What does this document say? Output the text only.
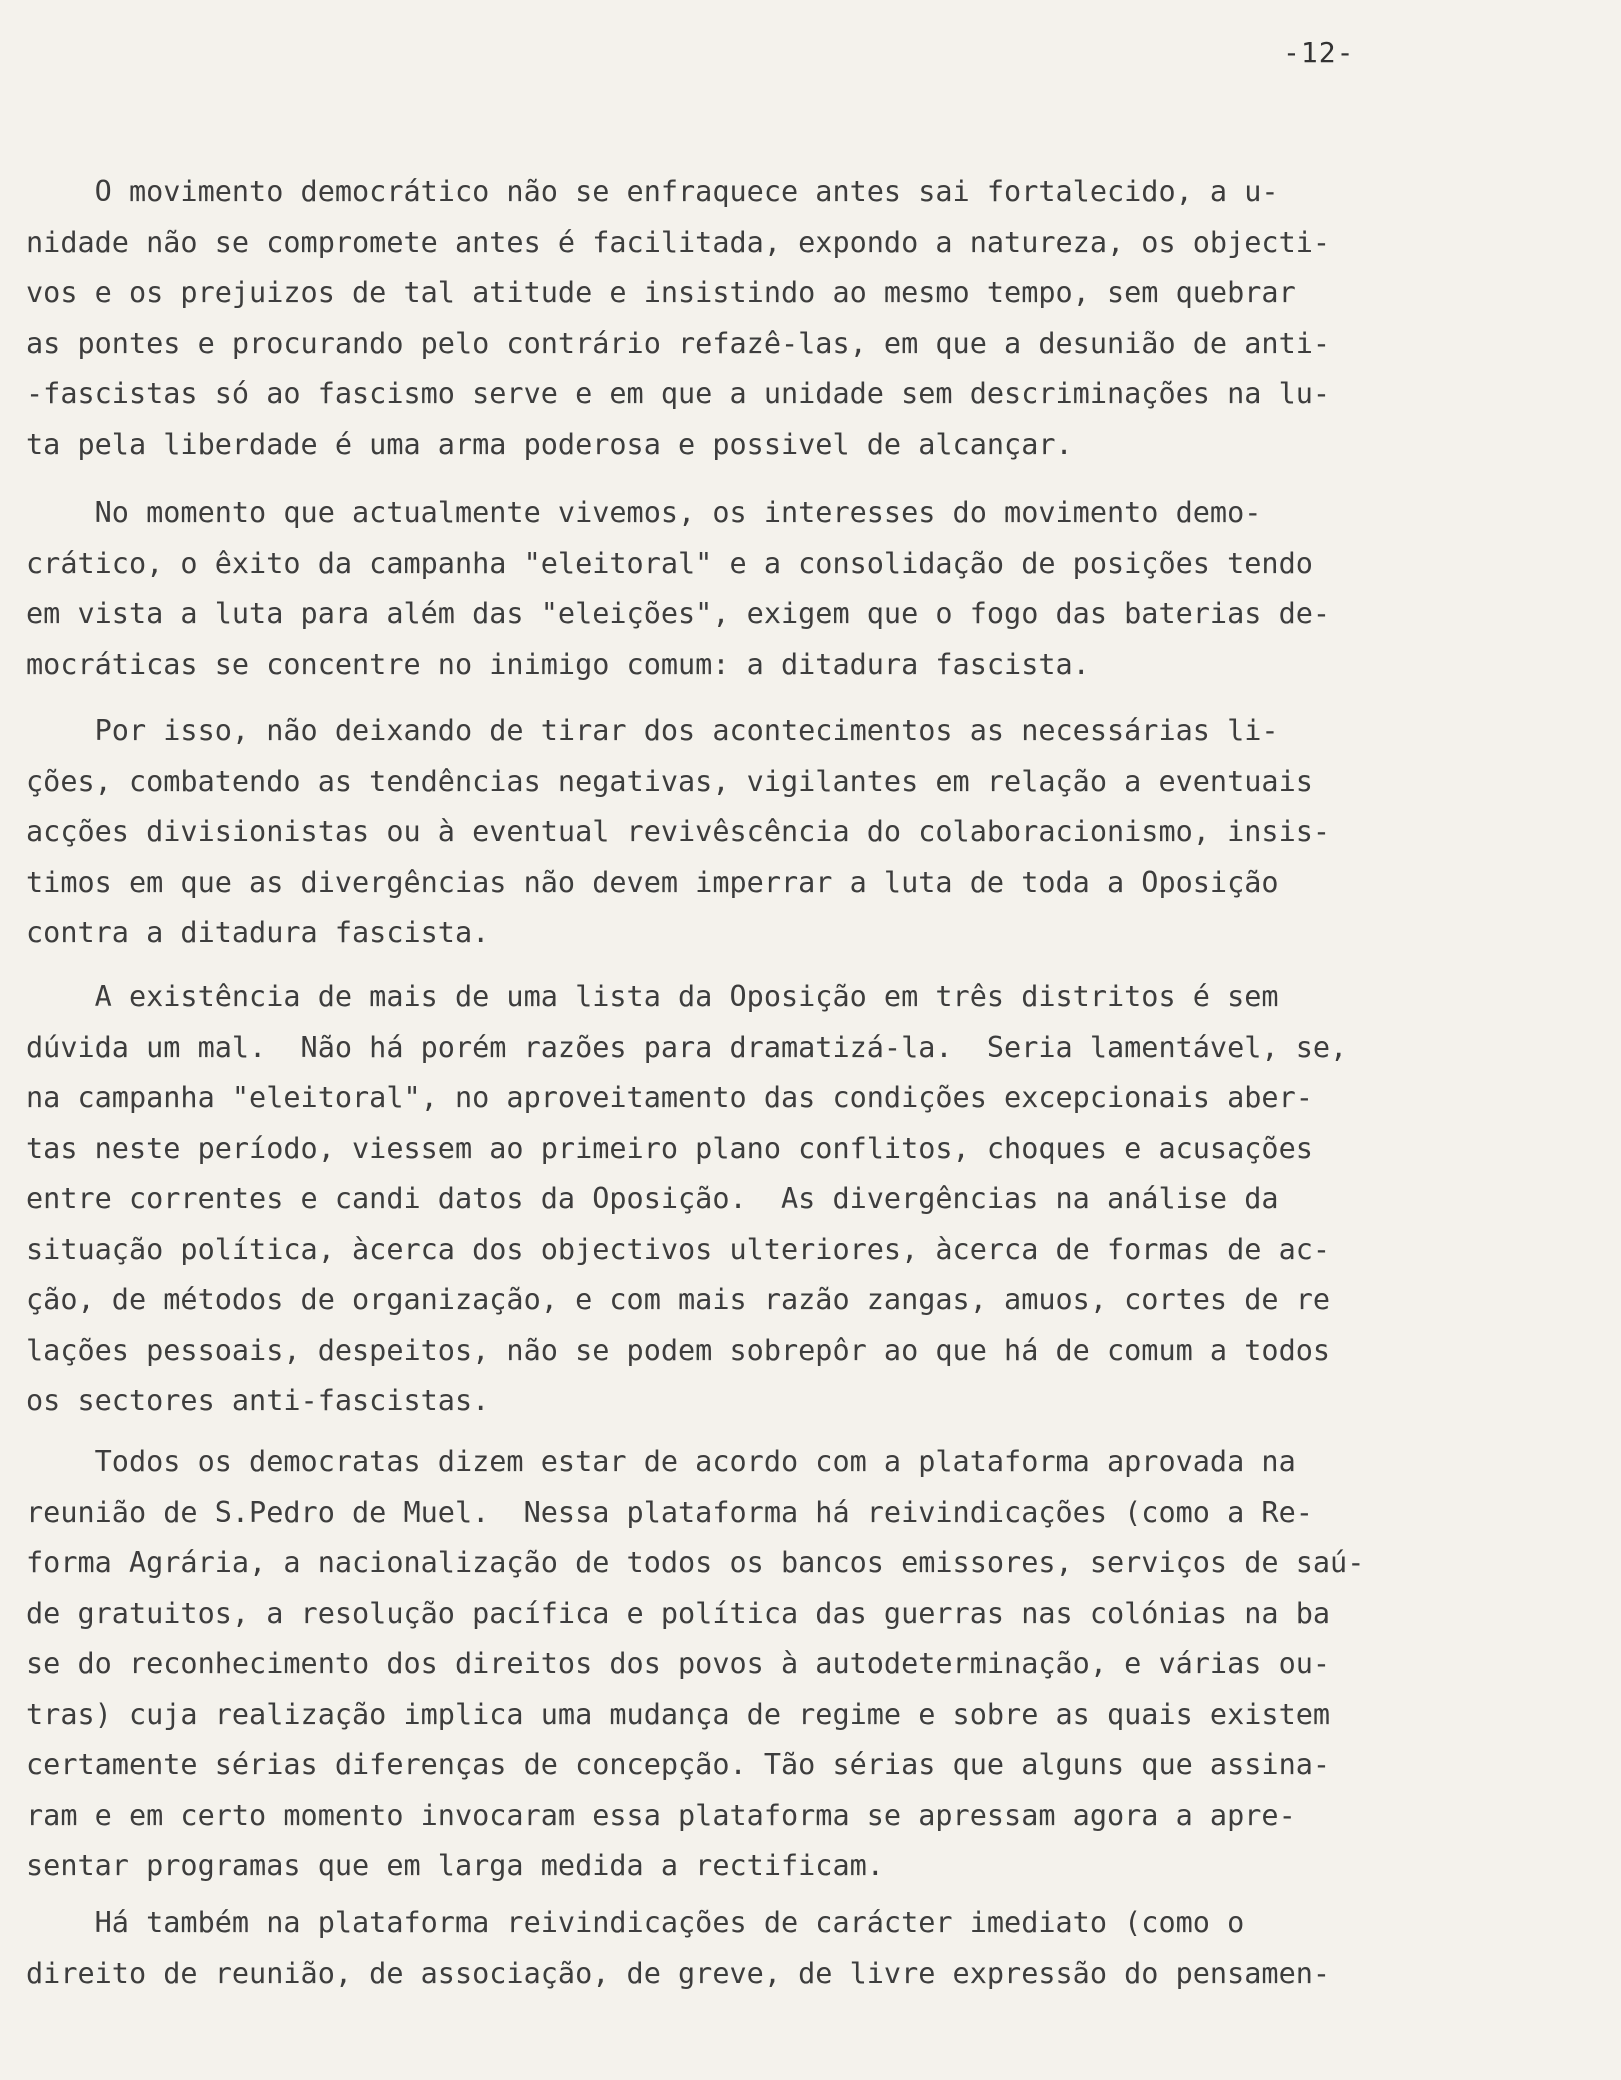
-12-
O movimento democrático não se enfraquece antes sai fortalecido, a u-
nidade não se compromete antes é facilitada, expondo a natureza, os objecti-
vos e os prejuizos de tal atitude e insistindo ao mesmo tempo, sem quebrar
as pontes e procurando pelo contrário refazê-las, em que a desunião de anti-
-fascistas só ao fascismo serve e em que a unidade sem descriminações na lu-
ta pela liberdade é uma arma poderosa e possivel de alcançar.
No momento que actualmente vivemos, os interesses do movimento demo-
crático, o êxito da campanha "eleitoral" e a consolidação de posições tendo
em vista a luta para além das "eleições", exigem que o fogo das baterias de-
mocráticas se concentre no inimigo comum: a ditadura fascista.
Por isso, não deixando de tirar dos acontecimentos as necessárias li-
ções, combatendo as tendências negativas, vigilantes em relação a eventuais
acções divisionistas ou à eventual revivêscência do colaboracionismo, insis-
timos em que as divergências não devem imperrar a luta de toda a Oposição
contra a ditadura fascista.
A existência de mais de uma lista da Oposição em três distritos é sem
dúvida um mal.  Não há porém razões para dramatizá-la.  Seria lamentável, se,
na campanha "eleitoral", no aproveitamento das condições excepcionais aber-
tas neste período, viessem ao primeiro plano conflitos, choques e acusações
entre correntes e candi datos da Oposição.  As divergências na análise da
situação política, àcerca dos objectivos ulteriores, àcerca de formas de ac-
ção, de métodos de organização, e com mais razão zangas, amuos, cortes de re
lações pessoais, despeitos, não se podem sobrepôr ao que há de comum a todos
os sectores anti-fascistas.
Todos os democratas dizem estar de acordo com a plataforma aprovada na
reunião de S.Pedro de Muel.  Nessa plataforma há reivindicações (como a Re-
forma Agrária, a nacionalização de todos os bancos emissores, serviços de saú-
de gratuitos, a resolução pacífica e política das guerras nas colónias na ba
se do reconhecimento dos direitos dos povos à autodeterminação, e várias ou-
tras) cuja realização implica uma mudança de regime e sobre as quais existem
certamente sérias diferenças de concepção. Tão sérias que alguns que assina-
ram e em certo momento invocaram essa plataforma se apressam agora a apre-
sentar programas que em larga medida a rectificam.
Há também na plataforma reivindicações de carácter imediato (como o
direito de reunião, de associação, de greve, de livre expressão do pensamen-
